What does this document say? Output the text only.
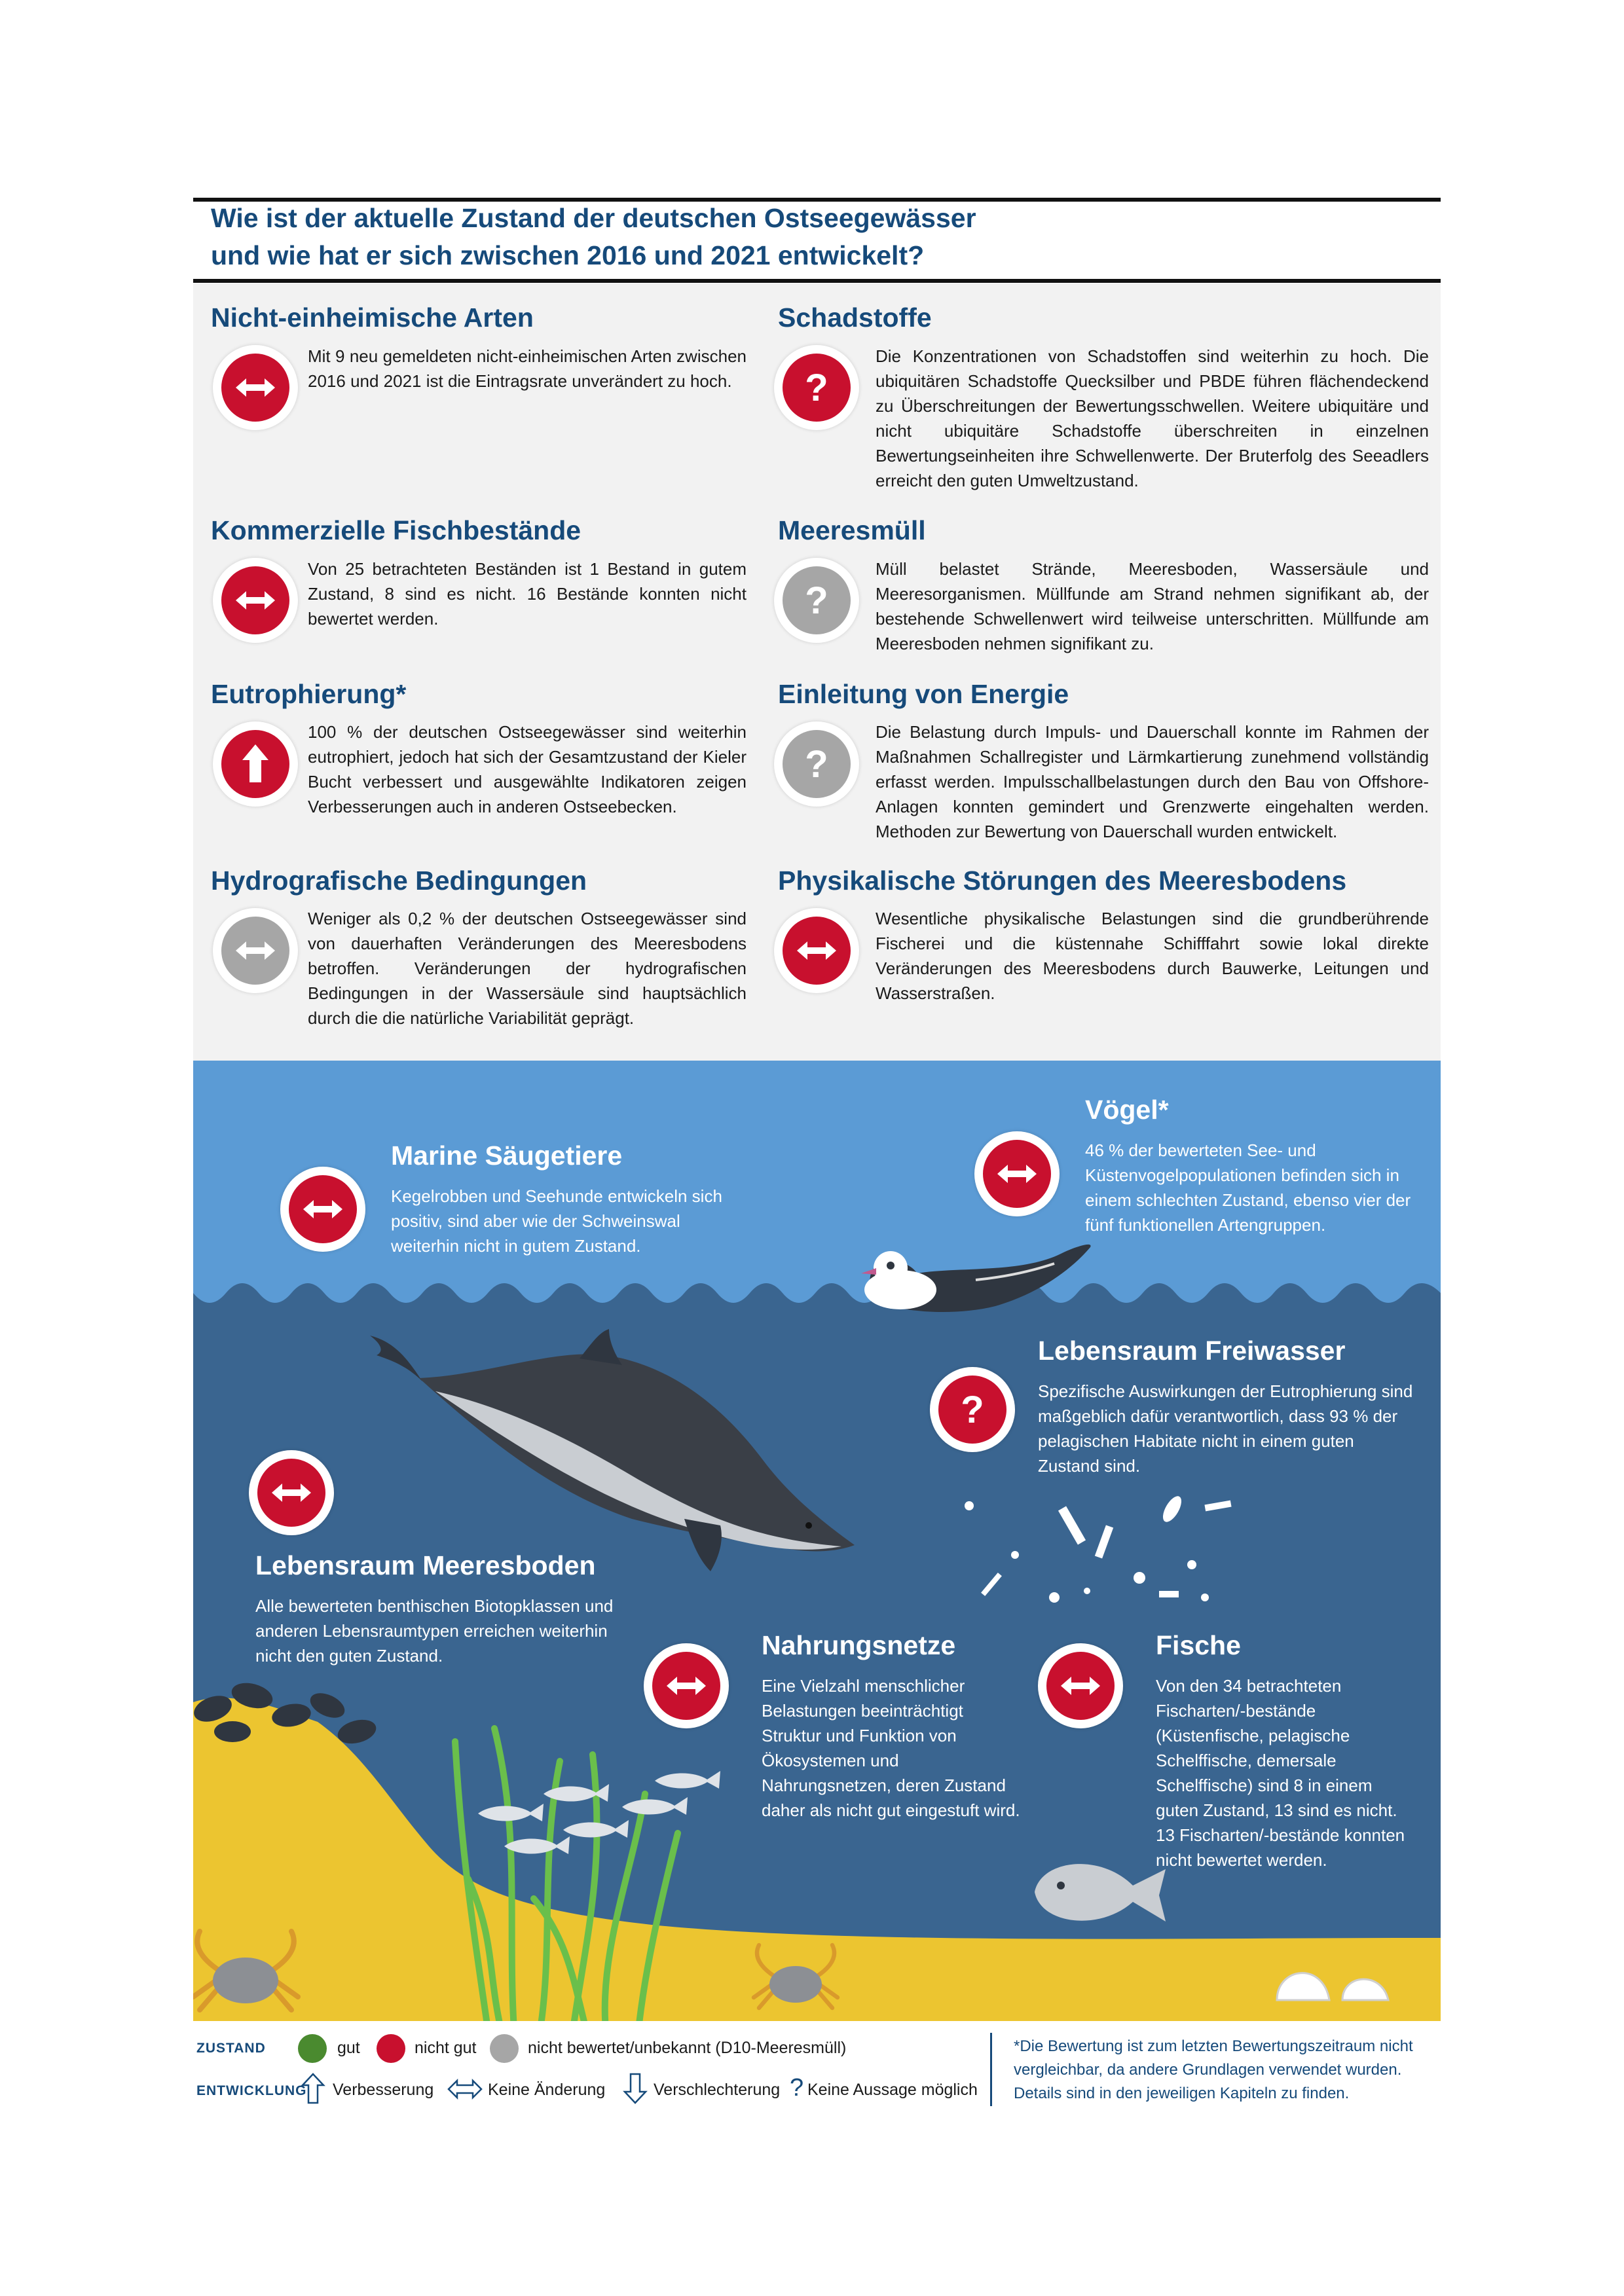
Wie ist der aktuelle Zustand der deutschen Ostseegewässer
und wie hat er sich zwischen 2016 und 2021 entwickelt?
Nicht-einheimische Arten
Mit 9 neu gemeldeten nicht-einheimischen Arten zwischen 2016 und 2021 ist die Eintragsrate unverändert zu hoch.
Kommerzielle Fischbestände
Von 25 betrachteten Beständen ist 1 Bestand in gutem Zustand, 8 sind es nicht. 16 Bestände konnten nicht bewertet werden.
Eutrophierung*
100 % der deutschen Ostseegewässer sind weiterhin eutrophiert, jedoch hat sich der Gesamtzustand der Kieler Bucht verbessert und ausgewählte Indikatoren zeigen Verbesserungen auch in anderen Ostseebecken.
Hydrografische Bedingungen
Weniger als 0,2 % der deutschen Ostseegewässer sind von dauerhaften Veränderungen des Meeresbodens betroffen. Veränderungen der hydrografischen Bedingungen in der Wassersäule sind hauptsächlich durch die die natürliche Variabilität geprägt.
Schadstoffe
?
Die Konzentrationen von Schadstoffen sind weiterhin zu hoch. Die ubiquitären Schadstoffe Quecksilber und PBDE führen flächendeckend zu Überschreitungen der Bewertungsschwellen. Weitere ubiquitäre und nicht ubiquitäre Schadstoffe überschreiten in einzelnen Bewertungseinheiten ihre Schwellenwerte. Der Bruterfolg des Seeadlers erreicht den guten Umweltzustand.
Meeresmüll
?
Müll belastet Strände, Meeresboden, Wassersäule und Meeresorganismen. Müllfunde am Strand nehmen signifikant ab, der bestehende Schwellenwert wird teilweise unterschritten. Müllfunde am Meeresboden nehmen signifikant zu.
Einleitung von Energie
?
Die Belastung durch Impuls- und Dauerschall konnte im Rahmen der Maßnahmen Schallregister und Lärmkartierung zunehmend vollständig erfasst werden. Impulsschallbelastungen durch den Bau von Offshore-Anlagen konnten gemindert und Grenzwerte eingehalten werden. Methoden zur Bewertung von Dauerschall wurden entwickelt.
Physikalische Störungen des Meeresbodens
Wesentliche physikalische Belastungen sind die grundberührende Fischerei und die küstennahe Schifffahrt sowie lokal direkte Veränderungen des Meeresbodens durch Bauwerke, Leitungen und Wasserstraßen.
Marine Säugetiere
Kegelrobben und Seehunde entwickeln sich positiv, sind aber wie der Schweinswal weiterhin nicht in gutem Zustand.
Vögel*
46 % der bewerteten See- und Küstenvogelpopulationen befinden sich in einem schlechten Zustand, ebenso vier der fünf funktionellen Artengruppen.
Lebensraum Freiwasser
Spezifische Auswirkungen der Eutrophierung sind maßgeblich dafür verantwortlich, dass 93 % der pelagischen Habitate nicht in einem guten Zustand sind.
?
Lebensraum Meeresboden
Alle bewerteten benthischen Biotopklassen und anderen Lebensraumtypen erreichen weiterhin nicht den guten Zustand.	Nahrungsnetze
Eine Vielzahl menschlicher Belastungen beeinträchtigt Struktur und Funktion von Ökosystemen und Nahrungsnetzen, deren Zustand daher als nicht gut eingestuft wird.
Fische
Von den 34 betrachteten Fischarten/-bestände (Küstenfische, pelagische Schelffische, demersale Schelffische) sind 8 in einem guten Zustand, 13 sind es nicht. 13 Fischarten/-bestände konnten nicht bewertet werden.
ZUSTAND	gut	nicht gut	nicht bewertet/unbekannt (D10-Meeresmüll)
ENTWICKLUNG Verbesserung	Keine Änderung	Verschlechterung ? Keine Aussage möglich
*Die Bewertung ist zum letzten Bewertungszeitraum nicht vergleichbar, da andere Grundlagen verwendet wurden. Details sind in den jeweiligen Kapiteln zu finden.
